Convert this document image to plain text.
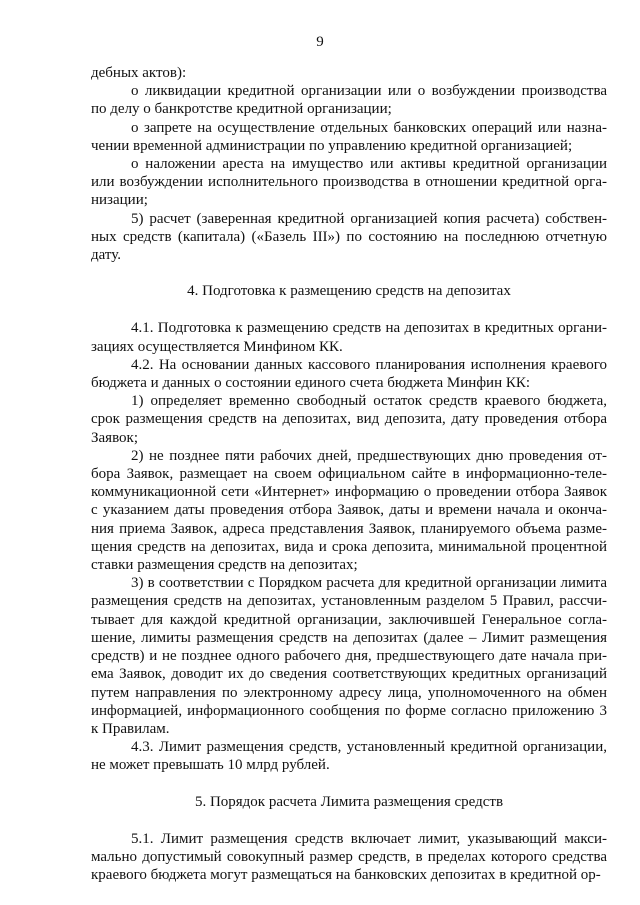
9

дебных актов):

о ликвидации кредитной организации или о возбуждении производства по делу о банкротстве кредитной организации;

о запрете на осуществление отдельных банковских операций или назначении временной администрации по управлению кредитной организацией;

о наложении ареста на имущество или активы кредитной организации или возбуждении исполнительного производства в отношении кредитной организации;

5) расчет (заверенная кредитной организацией копия расчета) собственных средств (капитала) («Базель III») по состоянию на последнюю отчетную дату.

4. Подготовка к размещению средств на депозитах

4.1. Подготовка к размещению средств на депозитах в кредитных организациях осуществляется Минфином КК.

4.2. На основании данных кассового планирования исполнения краевого бюджета и данных о состоянии единого счета бюджета Минфин КК:

1) определяет временно свободный остаток средств краевого бюджета, срок размещения средств на депозитах, вид депозита, дату проведения отбора Заявок;

2) не позднее пяти рабочих дней, предшествующих дню проведения отбора Заявок, размещает на своем официальном сайте в информационно-телекоммуникационной сети «Интернет» информацию о проведении отбора Заявок с указанием даты проведения отбора Заявок, даты и времени начала и окончания приема Заявок, адреса представления Заявок, планируемого объема размещения средств на депозитах, вида и срока депозита, минимальной процентной ставки размещения средств на депозитах;

3) в соответствии с Порядком расчета для кредитной организации лимита размещения средств на депозитах, установленным разделом 5 Правил, рассчитывает для каждой кредитной организации, заключившей Генеральное соглашение, лимиты размещения средств на депозитах (далее – Лимит размещения средств) и не позднее одного рабочего дня, предшествующего дате начала приема Заявок, доводит их до сведения соответствующих кредитных организаций путем направления по электронному адресу лица, уполномоченного на обмен информацией, информационного сообщения по форме согласно приложению 3 к Правилам.

4.3. Лимит размещения средств, установленный кредитной организации, не может превышать 10 млрд рублей.

5. Порядок расчета Лимита размещения средств

5.1. Лимит размещения средств включает лимит, указывающий максимально допустимый совокупный размер средств, в пределах которого средства краевого бюджета могут размещаться на банковских депозитах в кредитной ор-
